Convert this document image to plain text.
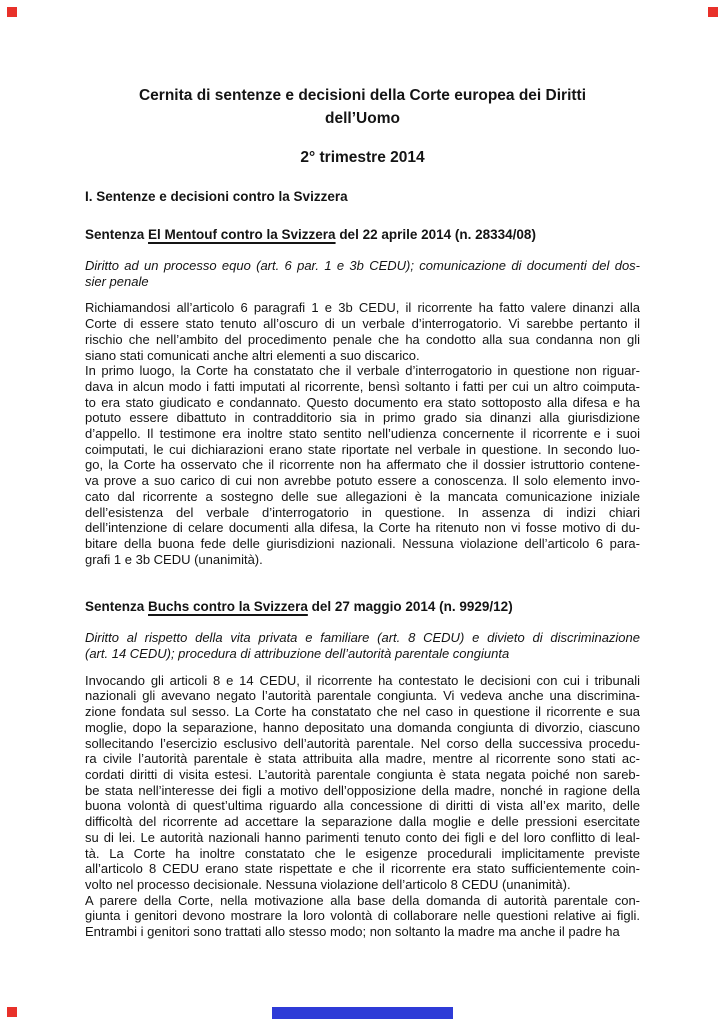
Cernita di sentenze e decisioni della Corte europea dei Diritti
dell’Uomo
2° trimestre 2014
I. Sentenze e decisioni contro la Svizzera
Sentenza El Mentouf contro la Svizzera del 22 aprile 2014 (n. 28334/08)
Diritto ad un processo equo (art. 6 par. 1 e 3b CEDU); comunicazione di documenti del dos-
sier penale
Richiamandosi all’articolo 6 paragrafi 1 e 3b CEDU, il ricorrente ha fatto valere dinanzi alla
Corte di essere stato tenuto all’oscuro di un verbale d’interrogatorio. Vi sarebbe pertanto il
rischio che nell’ambito del procedimento penale che ha condotto alla sua condanna non gli
siano stati comunicati anche altri elementi a suo discarico.
In primo luogo, la Corte ha constatato che il verbale d’interrogatorio in questione non riguar-
dava in alcun modo i fatti imputati al ricorrente, bensì soltanto i fatti per cui un altro coimputa-
to era stato giudicato e condannato. Questo documento era stato sottoposto alla difesa e ha
potuto essere dibattuto in contradditorio sia in primo grado sia dinanzi alla giurisdizione
d’appello. Il testimone era inoltre stato sentito nell’udienza concernente il ricorrente e i suoi
coimputati, le cui dichiarazioni erano state riportate nel verbale in questione. In secondo luo-
go, la Corte ha osservato che il ricorrente non ha affermato che il dossier istruttorio contene-
va prove a suo carico di cui non avrebbe potuto essere a conoscenza. Il solo elemento invo-
cato dal ricorrente a sostegno delle sue allegazioni è la mancata comunicazione iniziale
dell’esistenza del verbale d’interrogatorio in questione. In assenza di indizi chiari
dell’intenzione di celare documenti alla difesa, la Corte ha ritenuto non vi fosse motivo di du-
bitare della buona fede delle giurisdizioni nazionali. Nessuna violazione dell’articolo 6 para-
grafi 1 e 3b CEDU (unanimità).
Sentenza Buchs contro la Svizzera del 27 maggio 2014 (n. 9929/12)
Diritto al rispetto della vita privata e familiare (art. 8 CEDU) e divieto di discriminazione
(art. 14 CEDU); procedura di attribuzione dell’autorità parentale congiunta
Invocando gli articoli 8 e 14 CEDU, il ricorrente ha contestato le decisioni con cui i tribunali
nazionali gli avevano negato l’autorità parentale congiunta. Vi vedeva anche una discrimina-
zione fondata sul sesso. La Corte ha constatato che nel caso in questione il ricorrente e sua
moglie, dopo la separazione, hanno depositato una domanda congiunta di divorzio, ciascuno
sollecitando l’esercizio esclusivo dell’autorità parentale. Nel corso della successiva procedu-
ra civile l’autorità parentale è stata attribuita alla madre, mentre al ricorrente sono stati ac-
cordati diritti di visita estesi. L’autorità parentale congiunta è stata negata poiché non sareb-
be stata nell’interesse dei figli a motivo dell’opposizione della madre, nonché in ragione della
buona volontà di quest’ultima riguardo alla concessione di diritti di vista all’ex marito, delle
difficoltà del ricorrente ad accettare la separazione dalla moglie e delle pressioni esercitate
su di lei. Le autorità nazionali hanno parimenti tenuto conto dei figli e del loro conflitto di leal-
tà. La Corte ha inoltre constatato che le esigenze procedurali implicitamente previste
all’articolo 8 CEDU erano state rispettate e che il ricorrente era stato sufficientemente coin-
volto nel processo decisionale. Nessuna violazione dell’articolo 8 CEDU (unanimità).
A parere della Corte, nella motivazione alla base della domanda di autorità parentale con-
giunta i genitori devono mostrare la loro volontà di collaborare nelle questioni relative ai figli.
Entrambi i genitori sono trattati allo stesso modo; non soltanto la madre ma anche il padre ha
